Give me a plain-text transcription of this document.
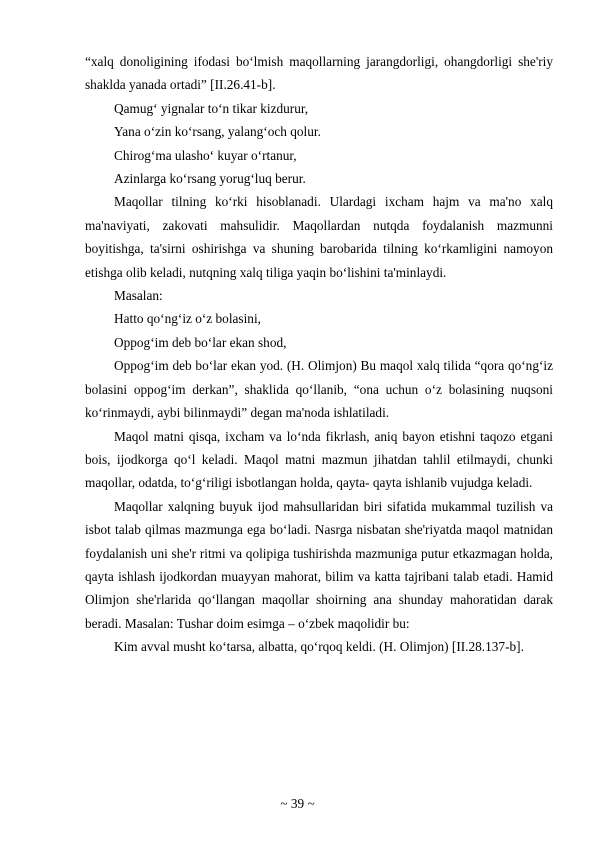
“xalq donoligining ifodasi bo‘lmish maqollarning jarangdorligi, ohangdorligi she'riy shaklda yanada ortadi” [II.26.41-b].

Qamug‘ yignalar to‘n tikar kizdurur,

Yana o‘zin ko‘rsang, yalang‘och qolur.

Chirog‘ma ulasho‘ kuyar o‘rtanur,

Azinlarga ko‘rsang yorug‘luq berur.

Maqollar tilning ko‘rki hisoblanadi. Ulardagi ixcham hajm va ma'no xalq ma'naviyati, zakovati mahsulidir. Maqollardan nutqda foydalanish mazmunni boyitishga, ta'sirni oshirishga va shuning barobarida tilning ko‘rkamligini namoyon etishga olib keladi, nutqning xalq tiliga yaqin bo‘lishini ta'minlaydi.

Masalan:

Hatto qo‘ng‘iz o‘z bolasini,

Oppog‘im deb bo‘lar ekan shod,

Oppog‘im deb bo‘lar ekan yod. (H. Olimjon) Bu maqol xalq tilida “qora qo‘ng‘iz bolasini oppog‘im derkan”, shaklida qo‘llanib, “ona uchun o‘z bolasining nuqsoni ko‘rinmaydi, aybi bilinmaydi” degan ma'noda ishlatiladi.

Maqol matni qisqa, ixcham va lo‘nda fikrlash, aniq bayon etishni taqozo etgani bois, ijodkorga qo‘l keladi. Maqol matni mazmun jihatdan tahlil etilmaydi, chunki maqollar, odatda, to‘g‘riligi isbotlangan holda, qayta- qayta ishlanib vujudga keladi.

Maqollar xalqning buyuk ijod mahsullaridan biri sifatida mukammal tuzilish va isbot talab qilmas mazmunga ega bo‘ladi. Nasrga nisbatan she'riyatda maqol matnidan foydalanish uni she'r ritmi va qolipiga tushirishda mazmuniga putur etkazmagan holda, qayta ishlash ijodkordan muayyan mahorat, bilim va katta tajribani talab etadi. Hamid Olimjon she'rlarida qo‘llangan maqollar shoirning ana shunday mahoratidan darak beradi. Masalan: Tushar doim esimga – o‘zbek maqolidir bu:

Kim avval musht ko‘tarsa, albatta, qo‘rqoq keldi. (H. Olimjon) [II.28.137-b].

~ 39 ~
